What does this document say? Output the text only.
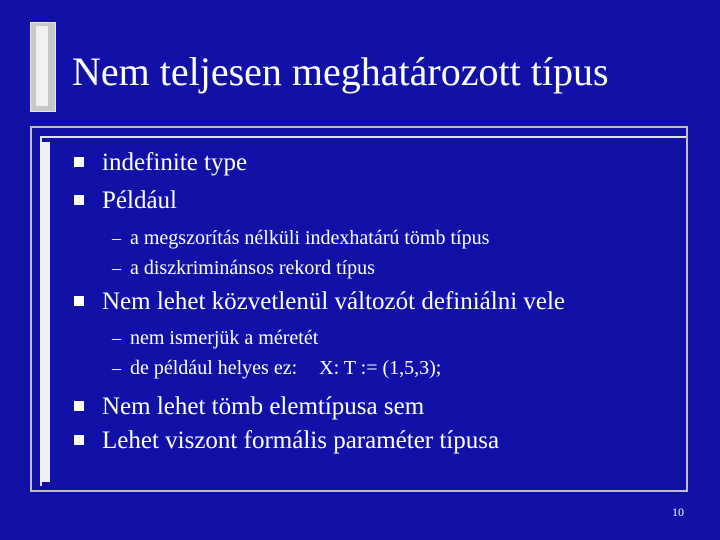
Nem teljesen meghatározott típus
indefinite type
Például
– a megszorítás nélküli indexhatárú tömb típus
– a diszkriminánsos rekord típus
Nem lehet közvetlenül változót definiálni vele
– nem ismerjük a méretét
– de például helyes ez: X: T := (1,5,3);
Nem lehet tömb elemtípusa sem
Lehet viszont formális paraméter típusa
10
